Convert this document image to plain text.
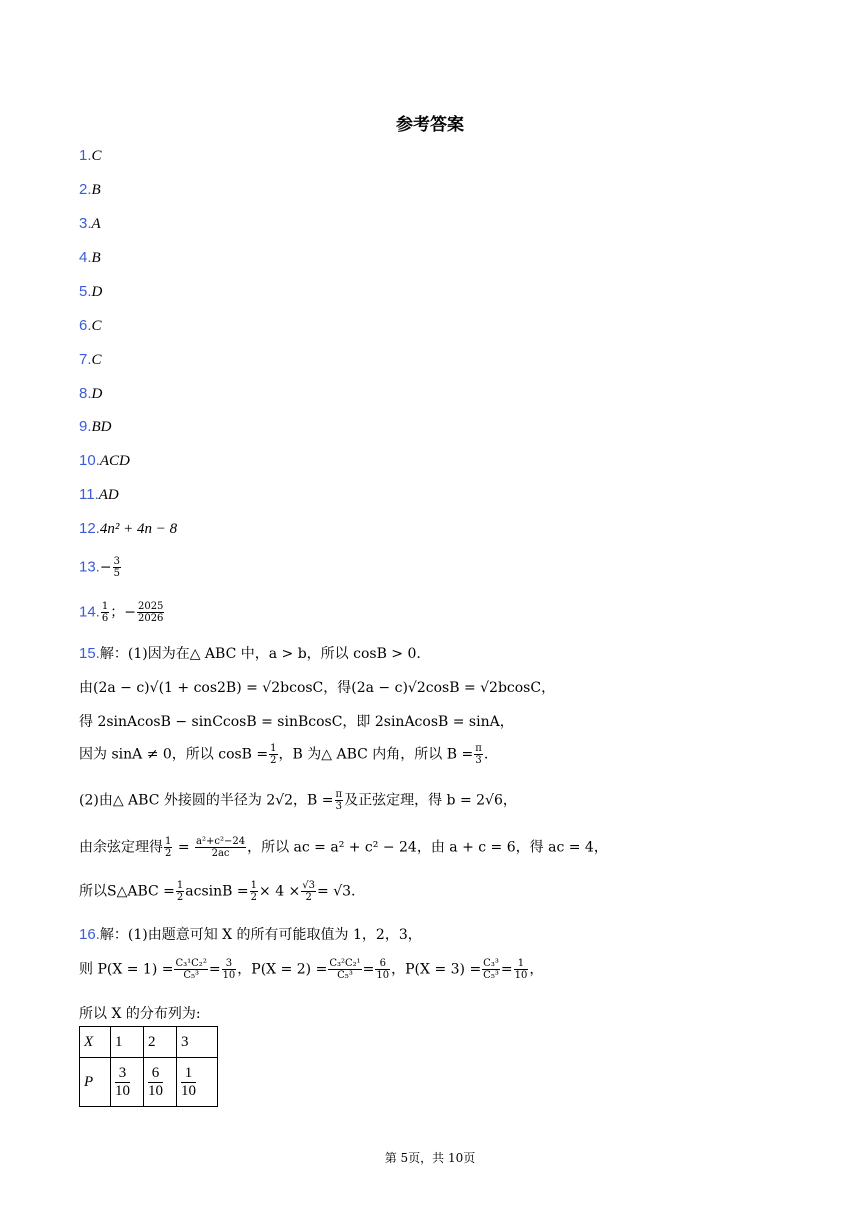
参考答案
1.C
2.B
3.A
4.B
5.D
6.C
7.C
8.D
9.BD
10.ACD
11.AD
12.4n² + 4n − 8
$13.- \frac{3}{5}$
14. $\frac{1}{6}$ ；− $\frac{2025}{2026}$
15.解：(1)因为在△ ABC 中，a > b，所以 cosB > 0.
由(2a − c)√(1 + cos2B) = √2bcosC，得(2a − c)√2cosB = √2bcosC，
得 2sinAcosB − sinCcosB = sinBcosC，即 2sinAcosB = sinA，
因为 sinA ≠ 0，所以 $\cos B = \frac{1}{2}$ ，B 为△ ABC 内角，所以 $B = \frac{\pi}{3}$ .
(2)由△ ABC 外接圆的半径为 2√2，$B = \frac{\pi}{3}$ 及正弦定理，得 b = 2√6，
由余弦定理得 $\frac{1}{2} = \frac{\text{a²+c²−24}}{2ac}$ ，所以 ac = a² + c² − 24，由 a + c = 6，得 ac = 4，
所以S△ABC = $\frac{1}{2}$ $acsinB = \frac{1}{2} \times 4 \times \frac{√3}{2} = √3$.
16.解：(1)由题意可知 X 的所有可能取值为 1，2，3，
则 $P(X = 1) = \frac{\text{C₃¹C₂²}}{\text{C₅³}} = \frac{3}{10}$ ，$P(X = 2) = \frac{\text{C₃²C₂¹}}{\text{C₅³}} = \frac{6}{10}$ ，$P(X = 3) = \frac{\text{C₃³}}{\text{C₅³}} = \frac{1}{10}$ ，
所以 X 的分布列为:
X	1	2	3
P	$\frac{3}{10}$	$\frac{6}{10}$	$\frac{1}{10}$
第 5页，共 10页
